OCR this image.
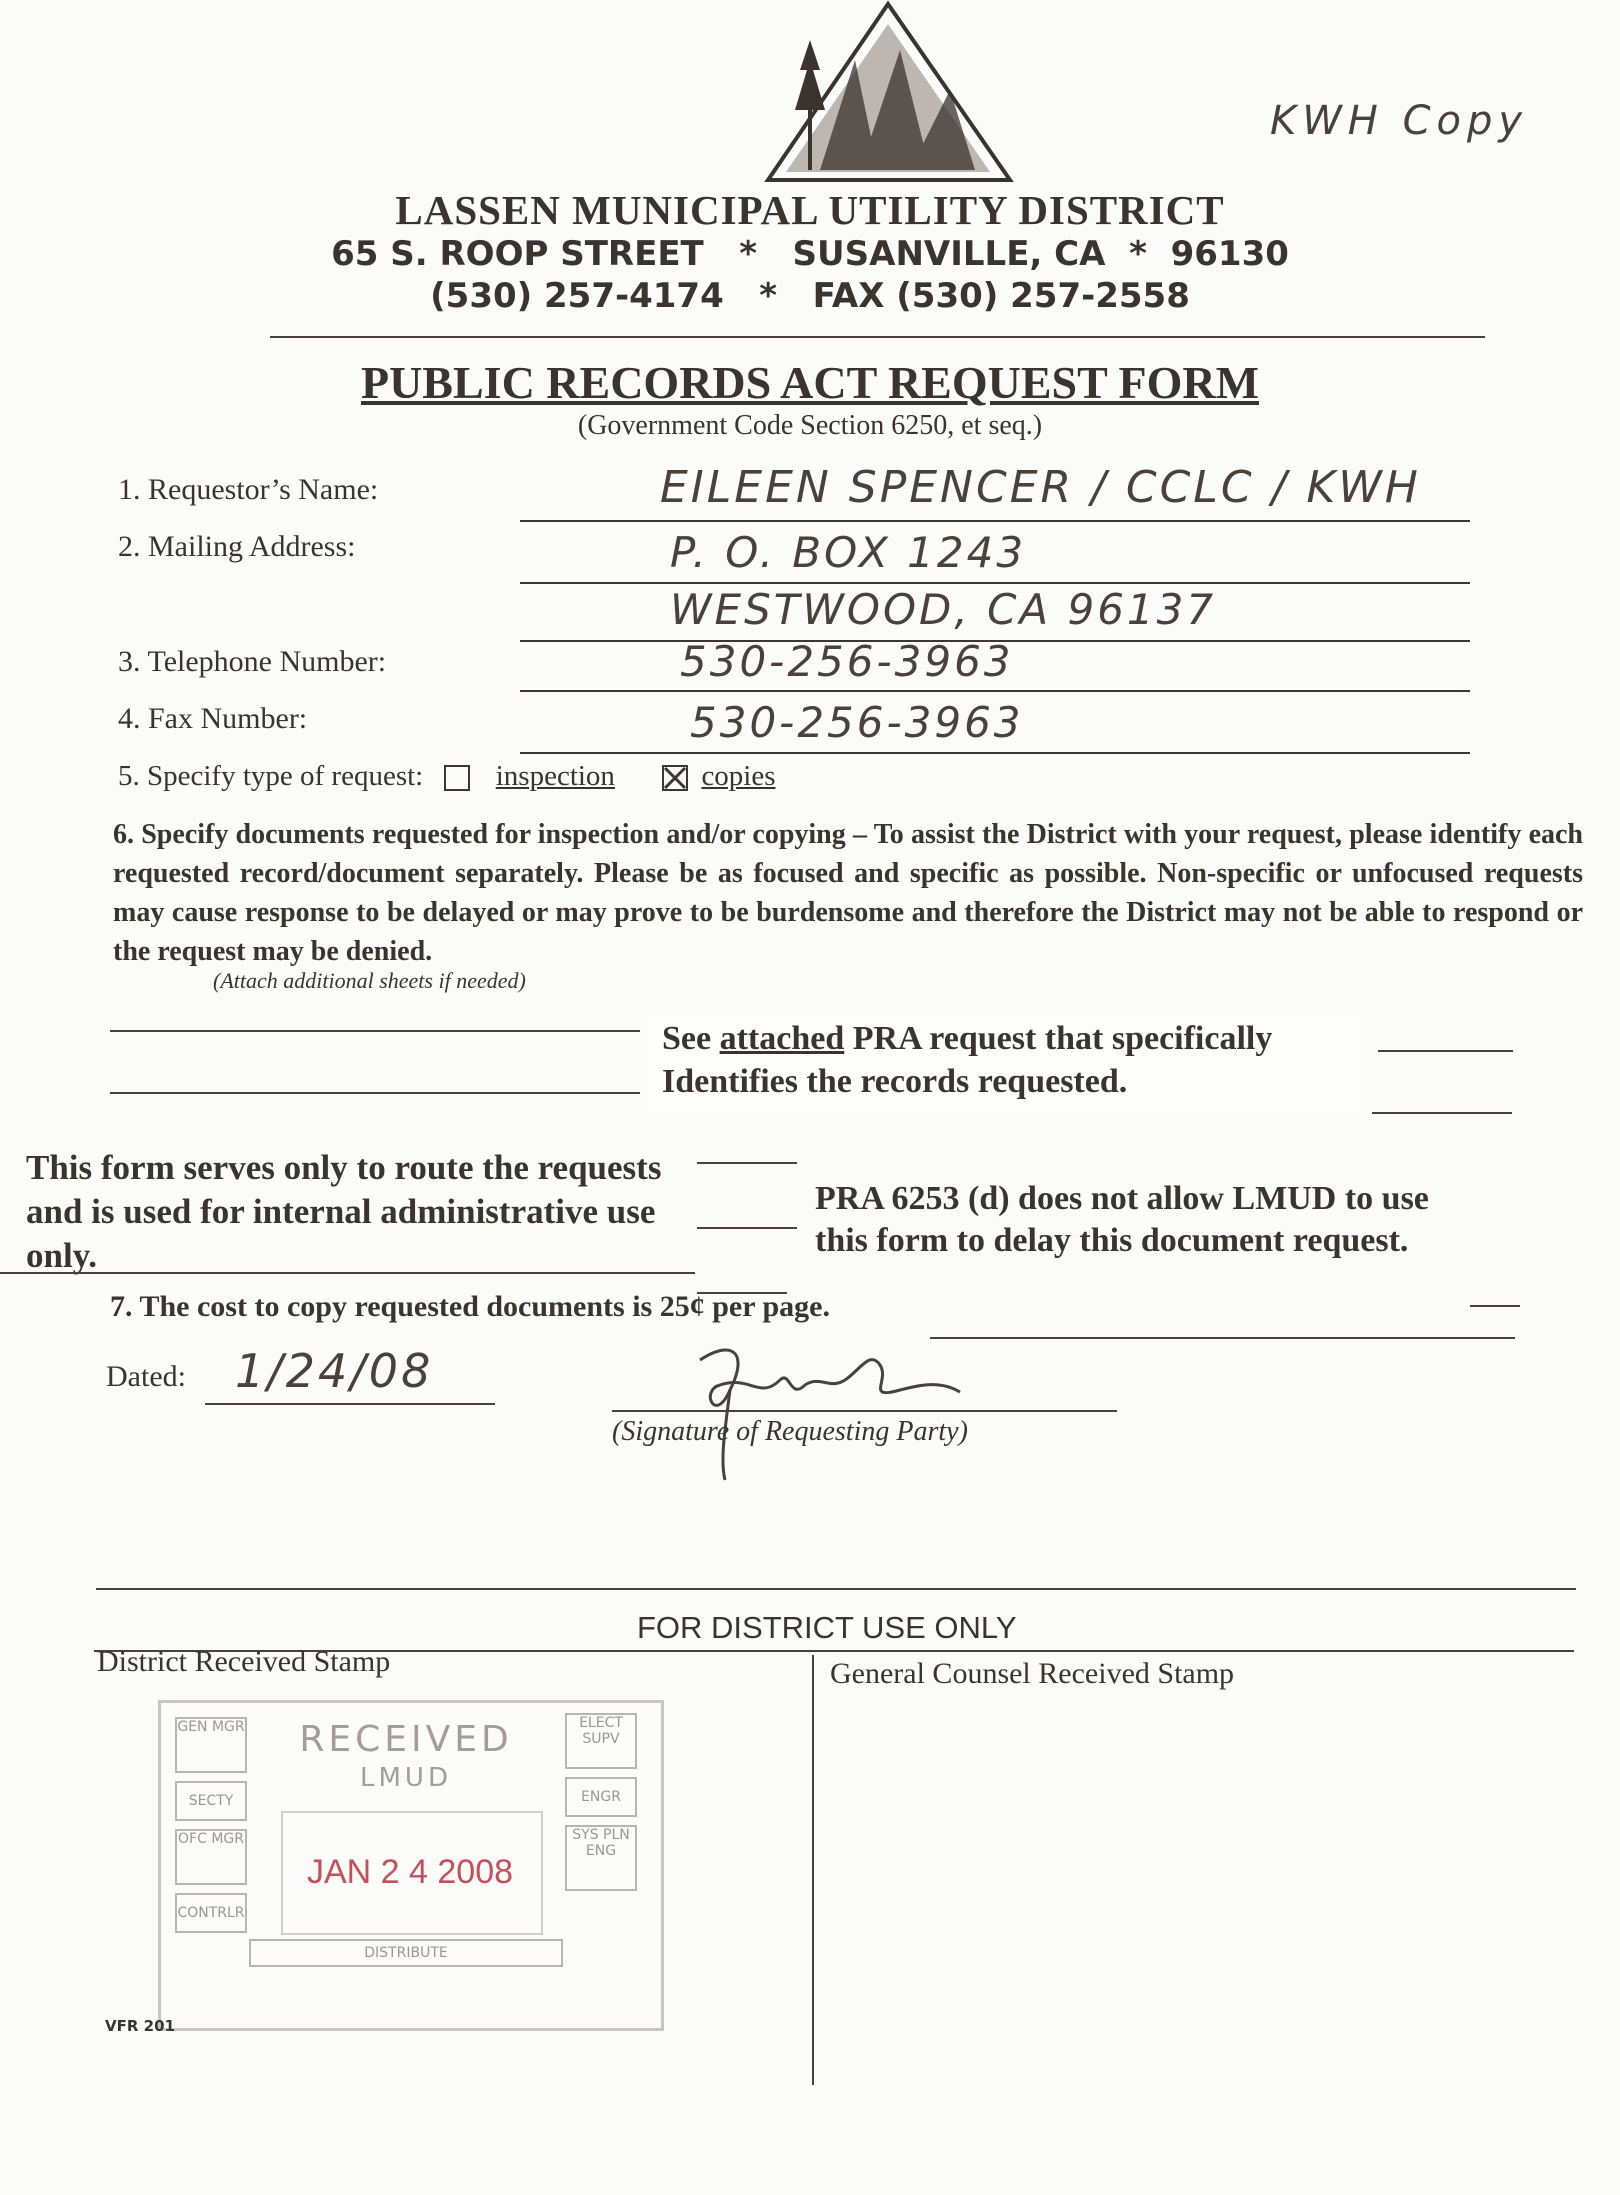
KWH Copy
LASSEN MUNICIPAL UTILITY DISTRICT
65 S. ROOP STREET * SUSANVILLE, CA * 96130
(530) 257-4174 * FAX (530) 257-2558
PUBLIC RECORDS ACT REQUEST FORM
(Government Code Section 6250, et seq.)
1. Requestor’s Name:	EILEEN SPENCER / CCLC / KWH
2. Mailing Address:	P. O. BOX 1243
WESTWOOD, CA 96137
3. Telephone Number:	530-256-3963
4. Fax Number:	530-256-3963
5. Specify type of request:	inspection	copies
6. Specify documents requested for inspection and/or copying – To assist the District with your request, please identify each requested record/document separately. Please be as focused and specific as possible. Non-specific or unfocused requests may cause response to be delayed or may prove to be burdensome and therefore the District may not be able to respond or the request may be denied.
(Attach additional sheets if needed)
See attached PRA request that specifically
Identifies the records requested.
This form serves only to route the requests and is used for internal administrative use only.
PRA 6253 (d) does not allow LMUD to use this form to delay this document request.
7. The cost to copy requested documents is 25¢ per page.
Dated: 1/24/08
(Signature of Requesting Party)
FOR DISTRICT USE ONLY
District Received Stamp	General Counsel Received Stamp
GEN MGR
SECTY
OFC MGR
CONTRLR
ELECT SUPV
ENGR
SYS PLN ENG
RECEIVED
LMUD
JAN 2 4 2008
DISTRIBUTE
VFR 201
